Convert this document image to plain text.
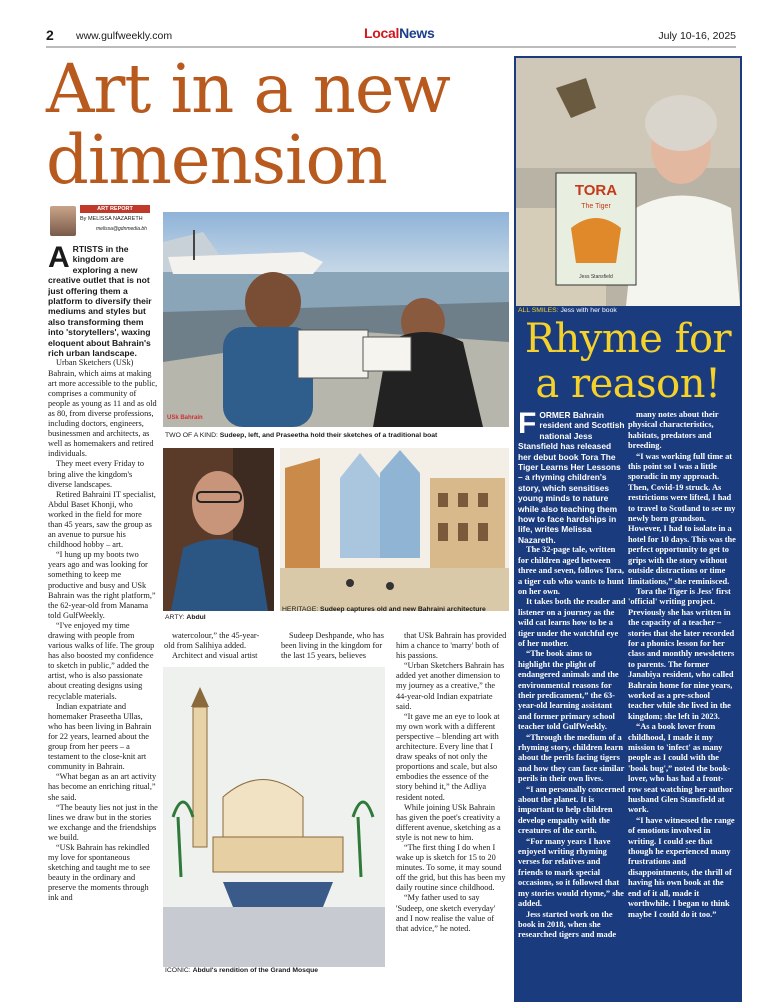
2 www.gulfweekly.com	LocalNews	July 10-16, 2025
Art in a new dimension
ART REPORT
By MELISSA NAZARETH
melissa@gdnmedia.bh
ARTISTS in the kingdom are exploring a new creative outlet that is not just offering them a platform to diversify their mediums and styles but also transforming them into 'storytellers', waxing eloquent about Bahrain's rich urban landscape.

Urban Sketchers (USk) Bahrain, which aims at making art more accessible to the public, comprises a community of people as young as 11 and as old as 80, from diverse professions, including doctors, engineers, businessmen and architects, as well as homemakers and retired individuals.

They meet every Friday to bring alive the kingdom's diverse landscapes.

Retired Bahraini IT specialist, Abdul Baset Khonji, who worked in the field for more than 45 years, saw the group as an avenue to pursue his childhood hobby – art.

“I hung up my boots two years ago and was looking for something to keep me productive and busy and USk Bahrain was the right platform,” the 62-year-old from Manama told GulfWeekly.

“I've enjoyed my time drawing with people from various walks of life. The group has also boosted my confidence to sketch in public,” added the artist, who is also passionate about creating designs using recyclable materials.

Indian expatriate and homemaker Praseetha Ullas, who has been living in Bahrain for 22 years, learned about the group from her peers – a testament to the close-knit art community in Bahrain.

“What began as an art activity has become an enriching ritual,” she said.

“The beauty lies not just in the lines we draw but in the stories we exchange and the friendships we build.

“USk Bahrain has rekindled my love for spontaneous sketching and taught me to see beauty in the ordinary and preserve the moments through ink and

USk Bahrain
TWO OF A KIND: Sudeep, left, and Praseetha hold their sketches of a traditional boat
ARTY: Abdul
HERITAGE: Sudeep captures old and new Bahraini architecture

watercolour,” the 45-year-old from Salihiya added.

Architect and visual artist

Sudeep Deshpande, who has been living in the kingdom for the last 15 years, believes

that USk Bahrain has provided him a chance to 'marry' both of his passions.

“Urban Sketchers Bahrain has added yet another dimension to my journey as a creative,” the 44-year-old Indian expatriate said.

“It gave me an eye to look at my own work with a different perspective – blending art with architecture. Every line that I draw speaks of not only the proportions and scale, but also embodies the essence of the story behind it,” the Adliya resident noted.

While joining USk Bahrain has given the poet's creativity a different avenue, sketching as a style is not new to him.

“The first thing I do when I wake up is sketch for 15 to 20 minutes. To some, it may sound off the grid, but this has been my daily routine since childhood.

“My father used to say 'Sudeep, one sketch everyday' and I now realise the value of that advice,” he noted.

ICONIC: Abdul's rendition of the Grand Mosque
TORA
The Tiger
Jess Stansfield
ALL SMILES: Jess with her book
Rhyme for a reason!
FORMER Bahrain resident and Scottish national Jess Stansfield has released her debut book Tora The Tiger Learns Her Lessons – a rhyming children's story, which sensitises young minds to nature while also teaching them how to face hardships in life, writes Melissa Nazareth.

The 32-page tale, written for children aged between three and seven, follows Tora, a tiger cub who wants to hunt on her own.

It takes both the reader and listener on a journey as the wild cat learns how to be a tiger under the watchful eye of her mother.

“The book aims to highlight the plight of endangered animals and the environmental reasons for their predicament,” the 63-year-old learning assistant and former primary school teacher told GulfWeekly.

“Through the medium of a rhyming story, children learn about the perils facing tigers and how they can face similar perils in their own lives.

“I am personally concerned about the planet. It is important to help children develop empathy with the creatures of the earth.

“For many years I have enjoyed writing rhyming verses for relatives and friends to mark special occasions, so it followed that my stories would rhyme,” she added.

Jess started work on the book in 2018, when she researched tigers and made

many notes about their physical characteristics, habitats, predators and breeding.

“I was working full time at this point so I was a little sporadic in my approach. Then, Covid-19 struck. As restrictions were lifted, I had to travel to Scotland to see my newly born grandson. However, I had to isolate in a hotel for 10 days. This was the perfect opportunity to get to grips with the story without outside distractions or time limitations,” she reminisced.

Tora the Tiger is Jess' first 'official' writing project. Previously she has written in the capacity of a teacher – stories that she later recorded for a phonics lesson for her class and monthly newsletters to parents. The former Janabiya resident, who called Bahrain home for nine years, worked as a pre-school teacher while she lived in the kingdom; she left in 2023.

“As a book lover from childhood, I made it my mission to 'infect' as many people as I could with the 'book bug',” noted the book-lover, who has had a front-row seat watching her author husband Glen Stansfield at work.

“I have witnessed the range of emotions involved in writing. I could see that though he experienced many frustrations and disappointments, the thrill of having his own book at the end of it all, made it worthwhile. I began to think maybe I could do it too.”
